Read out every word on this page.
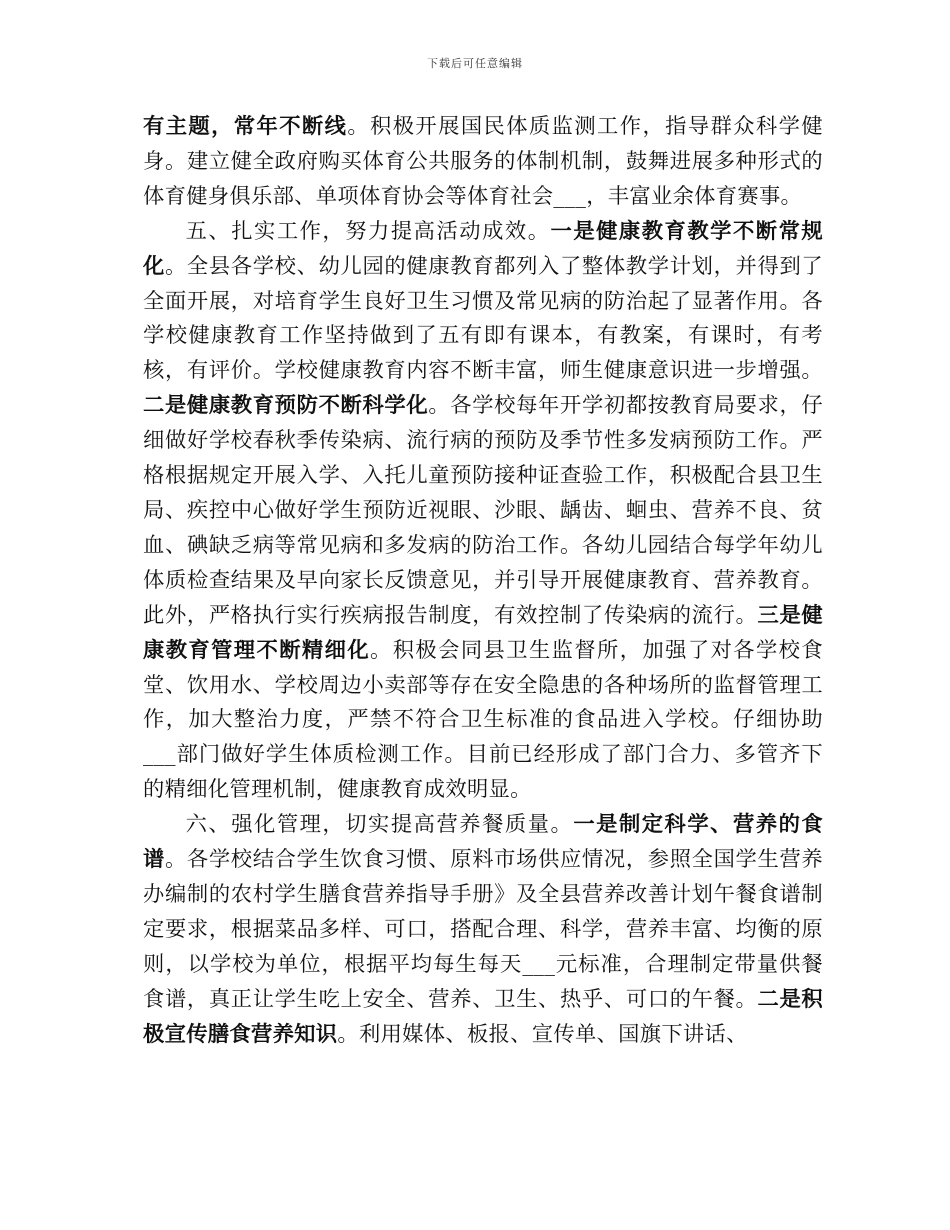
下载后可任意编辑

有主题，常年不断线。积极开展国民体质监测工作，指导群众科学健身。建立健全政府购买体育公共服务的体制机制，鼓舞进展多种形式的体育健身俱乐部、单项体育协会等体育社会___，丰富业余体育赛事。

五、扎实工作，努力提高活动成效。一是健康教育教学不断常规化。全县各学校、幼儿园的健康教育都列入了整体教学计划，并得到了全面开展，对培育学生良好卫生习惯及常见病的防治起了显著作用。各学校健康教育工作坚持做到了五有即有课本，有教案，有课时，有考核，有评价。学校健康教育内容不断丰富，师生健康意识进一步增强。二是健康教育预防不断科学化。各学校每年开学初都按教育局要求，仔细做好学校春秋季传染病、流行病的预防及季节性多发病预防工作。严格根据规定开展入学、入托儿童预防接种证查验工作，积极配合县卫生局、疾控中心做好学生预防近视眼、沙眼、龋齿、蛔虫、营养不良、贫血、碘缺乏病等常见病和多发病的防治工作。各幼儿园结合每学年幼儿体质检查结果及早向家长反馈意见，并引导开展健康教育、营养教育。此外，严格执行实行疾病报告制度，有效控制了传染病的流行。三是健康教育管理不断精细化。积极会同县卫生监督所，加强了对各学校食堂、饮用水、学校周边小卖部等存在安全隐患的各种场所的监督管理工作，加大整治力度，严禁不符合卫生标准的食品进入学校。仔细协助___部门做好学生体质检测工作。目前已经形成了部门合力、多管齐下的精细化管理机制，健康教育成效明显。

六、强化管理，切实提高营养餐质量。一是制定科学、营养的食谱。各学校结合学生饮食习惯、原料市场供应情况，参照全国学生营养办编制的农村学生膳食营养指导手册》及全县营养改善计划午餐食谱制定要求，根据菜品多样、可口，搭配合理、科学，营养丰富、均衡的原则，以学校为单位，根据平均每生每天___元标准，合理制定带量供餐食谱，真正让学生吃上安全、营养、卫生、热乎、可口的午餐。二是积极宣传膳食营养知识。利用媒体、板报、宣传单、国旗下讲话、
